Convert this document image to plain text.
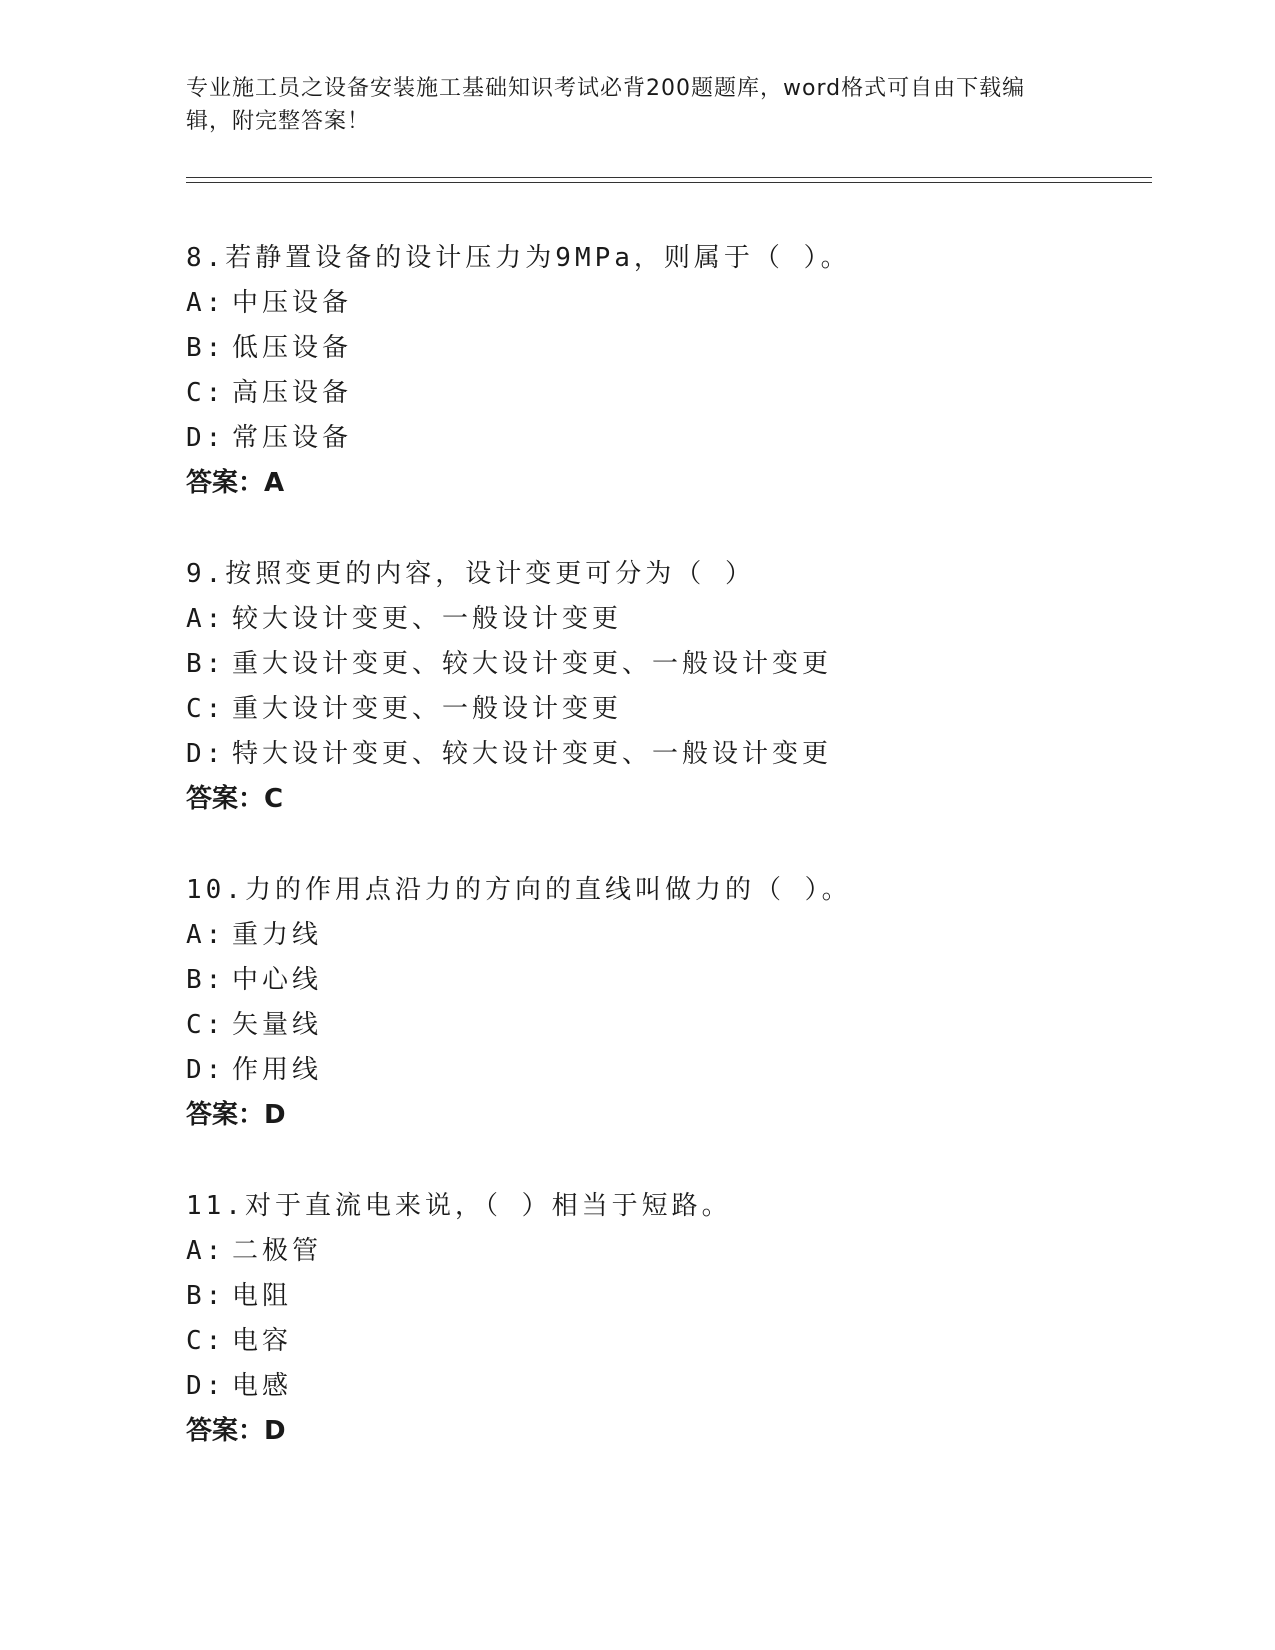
专业施工员之设备安装施工基础知识考试必背200题题库，word格式可自由下载编辑，附完整答案！
8.若静置设备的设计压力为9MPa，则属于（ ）。
A: 中压设备
B: 低压设备
C: 高压设备
D: 常压设备
答案：A
9.按照变更的内容，设计变更可分为（ ）
A: 较大设计变更、一般设计变更
B: 重大设计变更、较大设计变更、一般设计变更
C: 重大设计变更、一般设计变更
D: 特大设计变更、较大设计变更、一般设计变更
答案：C
10.力的作用点沿力的方向的直线叫做力的（ ）。
A: 重力线
B: 中心线
C: 矢量线
D: 作用线
答案：D
11.对于直流电来说，（ ）相当于短路。
A: 二极管
B: 电阻
C: 电容
D: 电感
答案：D
